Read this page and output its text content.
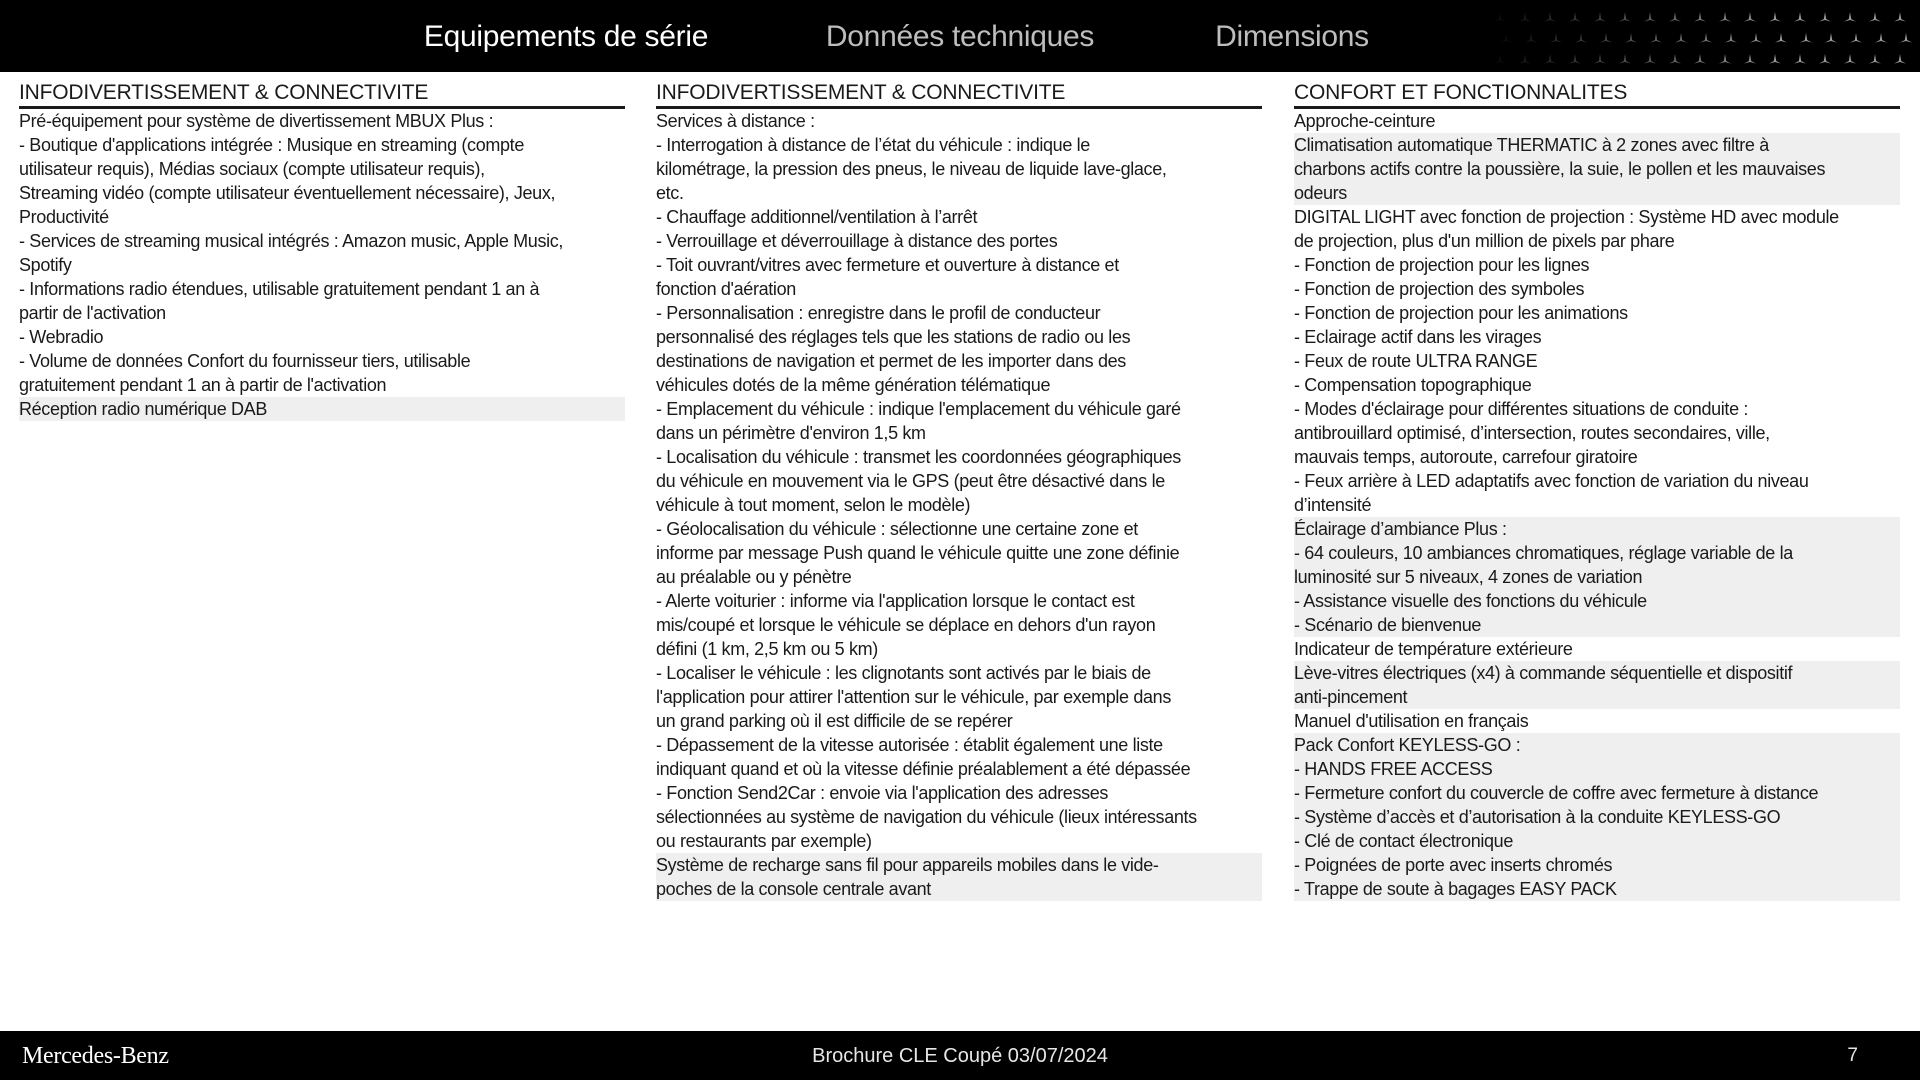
Equipements de série	Données techniques	Dimensions
INFODIVERTISSEMENT & CONNECTIVITE
Pré-équipement pour système de divertissement MBUX Plus :
- Boutique d'applications intégrée : Musique en streaming (compte
utilisateur requis), Médias sociaux (compte utilisateur requis),
Streaming vidéo (compte utilisateur éventuellement nécessaire), Jeux,
Productivité
- Services de streaming musical intégrés : Amazon music, Apple Music,
Spotify
- Informations radio étendues, utilisable gratuitement pendant 1 an à
partir de l'activation
- Webradio
- Volume de données Confort du fournisseur tiers, utilisable
gratuitement pendant 1 an à partir de l'activation
Réception radio numérique DAB
INFODIVERTISSEMENT & CONNECTIVITE
Services à distance :
- Interrogation à distance de l’état du véhicule : indique le
kilométrage, la pression des pneus, le niveau de liquide lave-glace,
etc.
- Chauffage additionnel/ventilation à l’arrêt
- Verrouillage et déverrouillage à distance des portes
- Toit ouvrant/vitres avec fermeture et ouverture à distance et
fonction d'aération
- Personnalisation : enregistre dans le profil de conducteur
personnalisé des réglages tels que les stations de radio ou les
destinations de navigation et permet de les importer dans des
véhicules dotés de la même génération télématique
- Emplacement du véhicule : indique l'emplacement du véhicule garé
dans un périmètre d'environ 1,5 km
- Localisation du véhicule : transmet les coordonnées géographiques
du véhicule en mouvement via le GPS (peut être désactivé dans le
véhicule à tout moment, selon le modèle)
- Géolocalisation du véhicule : sélectionne une certaine zone et
informe par message Push quand le véhicule quitte une zone définie
au préalable ou y pénètre
- Alerte voiturier : informe via l'application lorsque le contact est
mis/coupé et lorsque le véhicule se déplace en dehors d'un rayon
défini (1 km, 2,5 km ou 5 km)
- Localiser le véhicule : les clignotants sont activés par le biais de
l'application pour attirer l'attention sur le véhicule, par exemple dans
un grand parking où il est difficile de se repérer
- Dépassement de la vitesse autorisée : établit également une liste
indiquant quand et où la vitesse définie préalablement a été dépassée
- Fonction Send2Car : envoie via l'application des adresses
sélectionnées au système de navigation du véhicule (lieux intéressants
ou restaurants par exemple)
Système de recharge sans fil pour appareils mobiles dans le vide-
poches de la console centrale avant
CONFORT ET FONCTIONNALITES
Approche-ceinture
Climatisation automatique THERMATIC à 2 zones avec filtre à
charbons actifs contre la poussière, la suie, le pollen et les mauvaises
odeurs
DIGITAL LIGHT avec fonction de projection : Système HD avec module
de projection, plus d'un million de pixels par phare
- Fonction de projection pour les lignes
- Fonction de projection des symboles
- Fonction de projection pour les animations
- Eclairage actif dans les virages
- Feux de route ULTRA RANGE
- Compensation topographique
- Modes d'éclairage pour différentes situations de conduite :
antibrouillard optimisé, d’intersection, routes secondaires, ville,
mauvais temps, autoroute, carrefour giratoire
- Feux arrière à LED adaptatifs avec fonction de variation du niveau
d’intensité
Éclairage d’ambiance Plus :
- 64 couleurs, 10 ambiances chromatiques, réglage variable de la
luminosité sur 5 niveaux, 4 zones de variation
- Assistance visuelle des fonctions du véhicule
- Scénario de bienvenue
Indicateur de température extérieure
Lève-vitres électriques (x4) à commande séquentielle et dispositif
anti-pincement
Manuel d'utilisation en français
Pack Confort KEYLESS-GO :
- HANDS FREE ACCESS
- Fermeture confort du couvercle de coffre avec fermeture à distance
- Système d’accès et d’autorisation à la conduite KEYLESS-GO
- Clé de contact électronique
- Poignées de porte avec inserts chromés
- Trappe de soute à bagages EASY PACK
Mercedes-Benz	Brochure CLE Coupé 03/07/2024	7
